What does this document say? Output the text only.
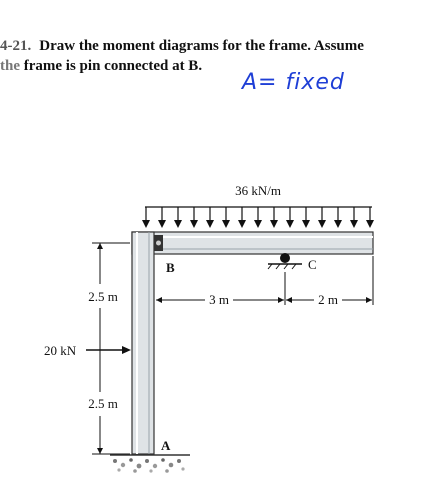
4-21. Draw the moment diagrams for the frame. Assume
the frame is pin connected at B.
A= fixed
36 kN/m
B	C
3 m	2 m
2.5 m
2.5 m
20 kN
A
